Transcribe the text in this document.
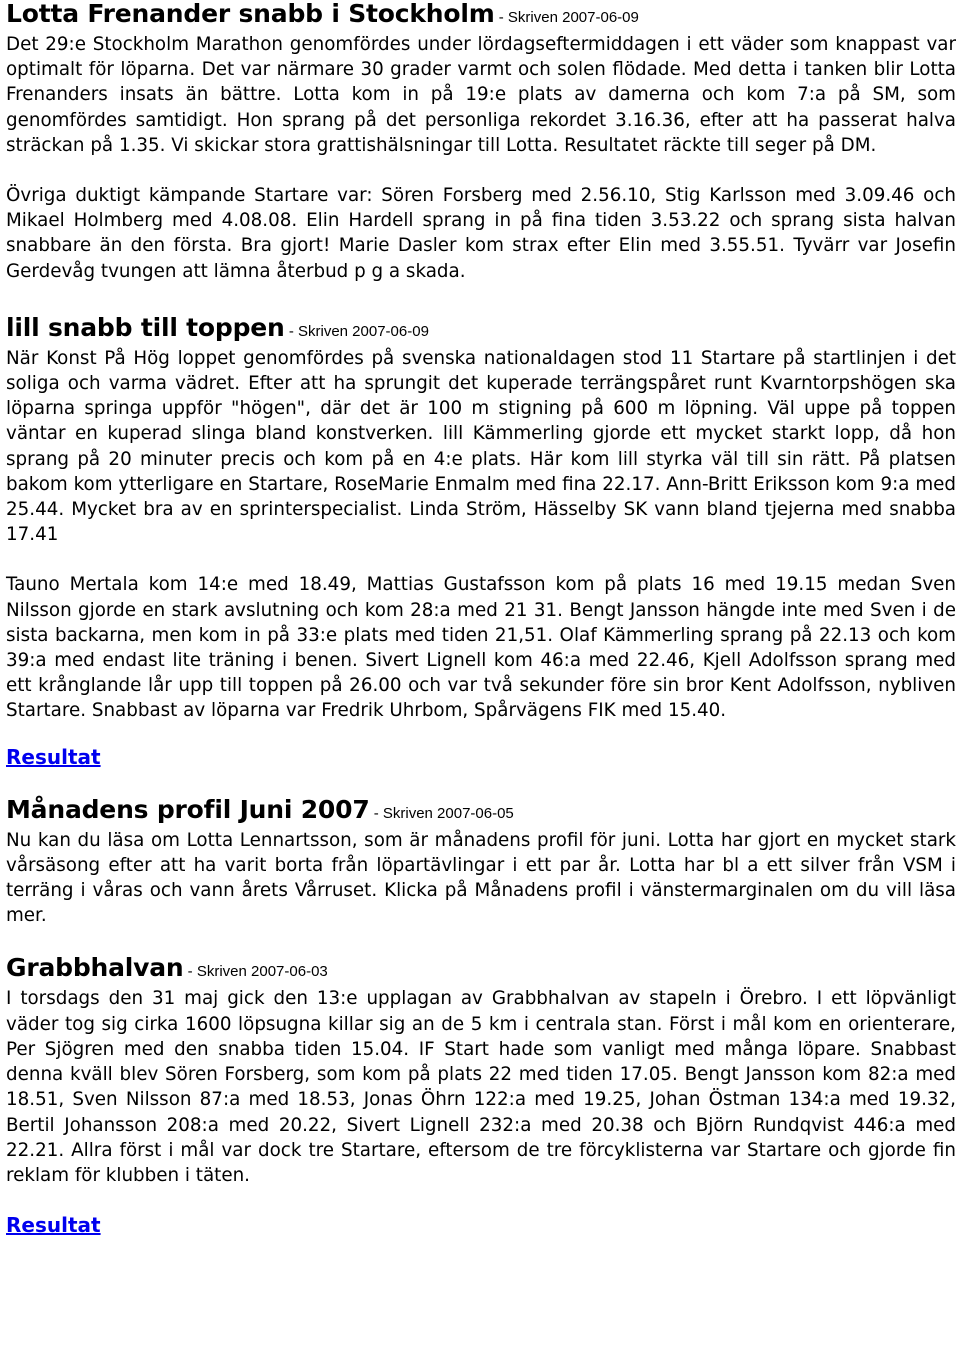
Lotta Frenander snabb i Stockholm - Skriven 2007-06-09

Det 29:e Stockholm Marathon genomfördes under lördagseftermiddagen i ett väder som knappast var optimalt för löparna. Det var närmare 30 grader varmt och solen flödade. Med detta i tanken blir Lotta Frenanders insats än bättre. Lotta kom in på 19:e plats av damerna och kom 7:a på SM, som genomfördes samtidigt. Hon sprang på det personliga rekordet 3.16.36, efter att ha passerat halva sträckan på 1.35. Vi skickar stora grattishälsningar till Lotta. Resultatet räckte till seger på DM.

Övriga duktigt kämpande Startare var: Sören Forsberg med 2.56.10, Stig Karlsson med 3.09.46 och Mikael Holmberg med 4.08.08. Elin Hardell sprang in på fina tiden 3.53.22 och sprang sista halvan snabbare än den första. Bra gjort! Marie Dasler kom strax efter Elin med 3.55.51. Tyvärr var Josefin Gerdevåg tvungen att lämna återbud p g a skada.

lill snabb till toppen - Skriven 2007-06-09

När Konst På Hög loppet genomfördes på svenska nationaldagen stod 11 Startare på startlinjen i det soliga och varma vädret. Efter att ha sprungit det kuperade terrängspåret runt Kvarntorpshögen ska löparna springa uppför "högen", där det är 100 m stigning på 600 m löpning. Väl uppe på toppen väntar en kuperad slinga bland konstverken. lill Kämmerling gjorde ett mycket starkt lopp, då hon sprang på 20 minuter precis och kom på en 4:e plats. Här kom lill styrka väl till sin rätt. På platsen bakom kom ytterligare en Startare, RoseMarie Enmalm med fina 22.17. Ann-Britt Eriksson kom 9:a med 25.44. Mycket bra av en sprinterspecialist. Linda Ström, Hässelby SK vann bland tjejerna med snabba 17.41

Tauno Mertala kom 14:e med 18.49, Mattias Gustafsson kom på plats 16 med 19.15 medan Sven Nilsson gjorde en stark avslutning och kom 28:a med 21 31. Bengt Jansson hängde inte med Sven i de sista backarna, men kom in på 33:e plats med tiden 21,51. Olaf Kämmerling sprang på 22.13 och kom 39:a med endast lite träning i benen. Sivert Lignell kom 46:a med 22.46, Kjell Adolfsson sprang med ett krånglande lår upp till toppen på 26.00 och var två sekunder före sin bror Kent Adolfsson, nybliven Startare. Snabbast av löparna var Fredrik Uhrbom, Spårvägens FIK med 15.40.

Resultat
Månadens profil Juni 2007 - Skriven 2007-06-05

Nu kan du läsa om Lotta Lennartsson, som är månadens profil för juni. Lotta har gjort en mycket stark vårsäsong efter att ha varit borta från löpartävlingar i ett par år. Lotta har bl a ett silver från VSM i terräng i våras och vann årets Vårruset. Klicka på Månadens profil i vänstermarginalen om du vill läsa mer.

Grabbhalvan - Skriven 2007-06-03

I torsdags den 31 maj gick den 13:e upplagan av Grabbhalvan av stapeln i Örebro. I ett löpvänligt väder tog sig cirka 1600 löpsugna killar sig an de 5 km i centrala stan. Först i mål kom en orienterare, Per Sjögren med den snabba tiden 15.04. IF Start hade som vanligt med många löpare. Snabbast denna kväll blev Sören Forsberg, som kom på plats 22 med tiden 17.05. Bengt Jansson kom 82:a med 18.51, Sven Nilsson 87:a med 18.53, Jonas Öhrn 122:a med 19.25, Johan Östman 134:a med 19.32, Bertil Johansson 208:a med 20.22, Sivert Lignell 232:a med 20.38 och Björn Rundqvist 446:a med 22.21. Allra först i mål var dock tre Startare, eftersom de tre förcyklisterna var Startare och gjorde fin reklam för klubben i täten.

Resultat
